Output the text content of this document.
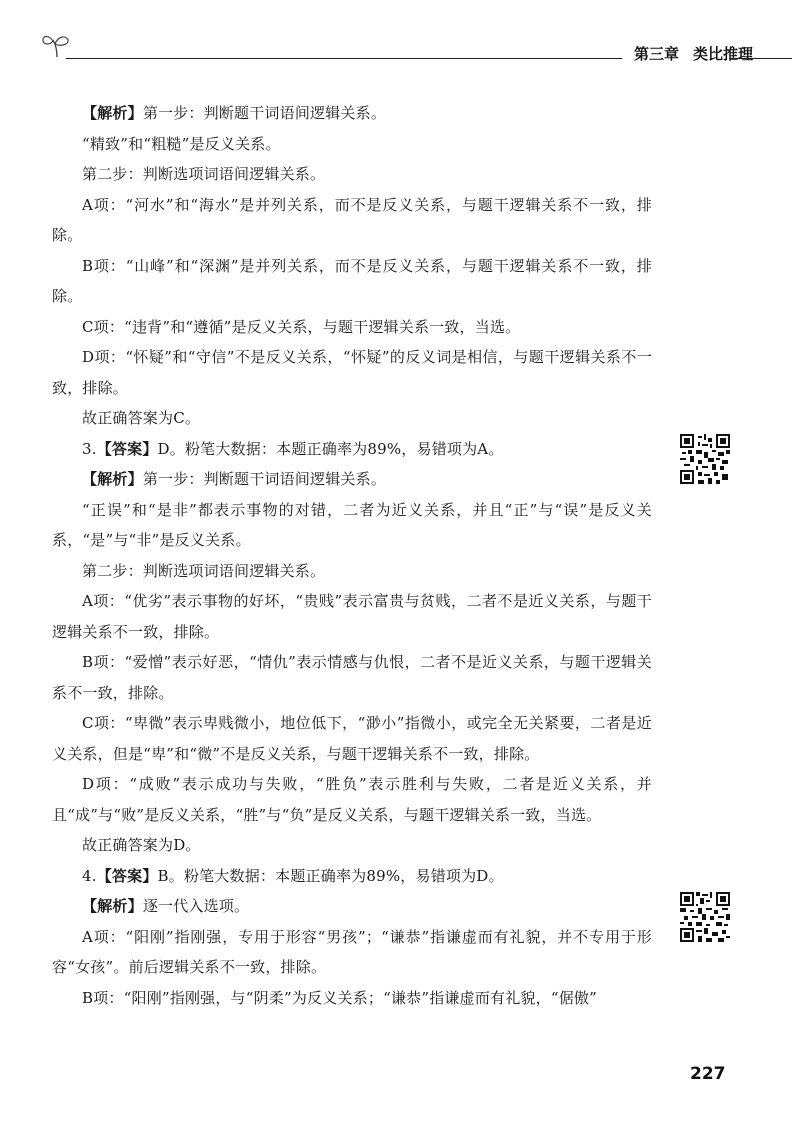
第三章 类比推理

【解析】第一步：判断题干词语间逻辑关系。

“精致”和“粗糙”是反义关系。

第二步：判断选项词语间逻辑关系。

A项：“河水”和“海水”是并列关系，而不是反义关系，与题干逻辑关系不一致，排除。

B项：“山峰”和“深渊”是并列关系，而不是反义关系，与题干逻辑关系不一致，排除。

C项：“违背”和“遵循”是反义关系，与题干逻辑关系一致，当选。

D项：“怀疑”和“守信”不是反义关系，“怀疑”的反义词是相信，与题干逻辑关系不一致，排除。

故正确答案为C。

3.【答案】D。粉笔大数据：本题正确率为89%，易错项为A。

【解析】第一步：判断题干词语间逻辑关系。

“正误”和“是非”都表示事物的对错，二者为近义关系，并且“正”与“误”是反义关系，“是”与“非”是反义关系。

第二步：判断选项词语间逻辑关系。

A项：“优劣”表示事物的好坏，“贵贱”表示富贵与贫贱，二者不是近义关系，与题干逻辑关系不一致，排除。

B项：“爱憎”表示好恶，“情仇”表示情感与仇恨，二者不是近义关系，与题干逻辑关系不一致，排除。

C项：“卑微”表示卑贱微小，地位低下，“渺小”指微小，或完全无关紧要，二者是近义关系，但是“卑”和“微”不是反义关系，与题干逻辑关系不一致，排除。

D项：“成败”表示成功与失败，“胜负”表示胜利与失败，二者是近义关系，并且“成”与“败”是反义关系，“胜”与“负”是反义关系，与题干逻辑关系一致，当选。

故正确答案为D。

4.【答案】B。粉笔大数据：本题正确率为89%，易错项为D。

【解析】逐一代入选项。

A项：“阳刚”指刚强，专用于形容“男孩”；“谦恭”指谦虚而有礼貌，并不专用于形容“女孩”。前后逻辑关系不一致，排除。

B项：“阳刚”指刚强，与“阴柔”为反义关系；“谦恭”指谦虚而有礼貌，“倨傲”

227
